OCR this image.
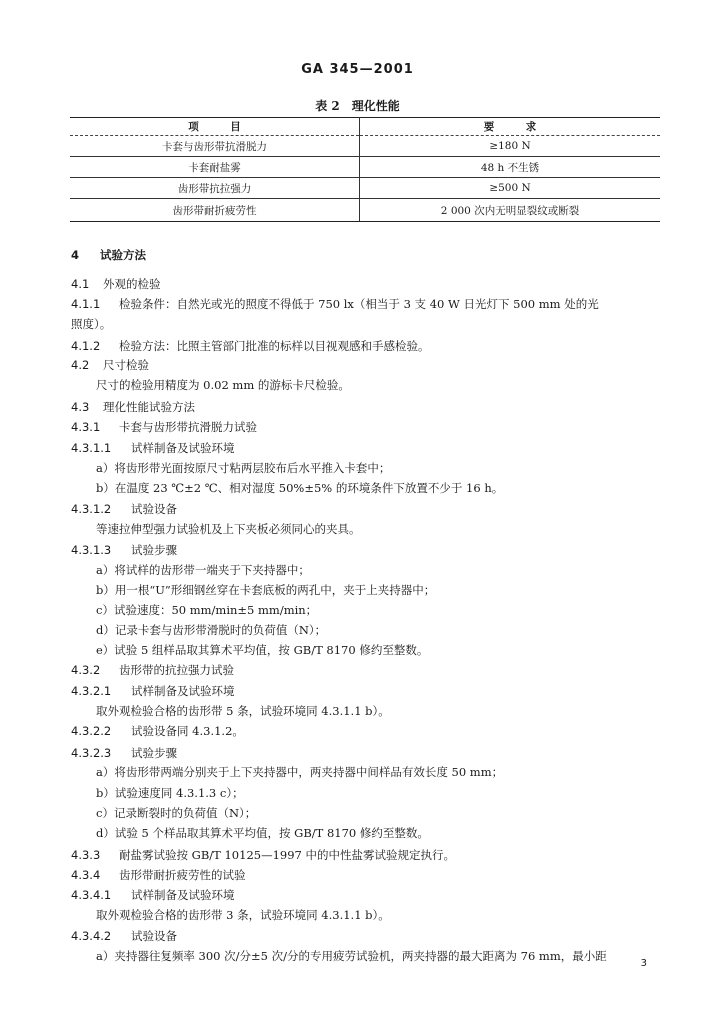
GA 345—2001
表 2　理化性能
项　　　目	要　　　求
卡套与齿形带抗滑脱力	≥180 N
卡套耐盐雾	48 h 不生锈
齿形带抗拉强力	≥500 N
齿形带耐折疲劳性	2 000 次内无明显裂纹或断裂
4 试验方法
4.1 外观的检验
4.1.1 检验条件：自然光或光的照度不得低于 750 lx（相当于 3 支 40 W 日光灯下 500 mm 处的光
照度）。
4.1.2 检验方法：比照主管部门批准的标样以目视观感和手感检验。
4.2 尺寸检验
尺寸的检验用精度为 0.02 mm 的游标卡尺检验。
4.3 理化性能试验方法
4.3.1 卡套与齿形带抗滑脱力试验
4.3.1.1 试样制备及试验环境
a）将齿形带光面按原尺寸粘两层胶布后水平推入卡套中；
b）在温度 23 ℃±2 ℃、相对湿度 50%±5% 的环境条件下放置不少于 16 h。
4.3.1.2 试验设备
等速拉伸型强力试验机及上下夹板必须同心的夹具。
4.3.1.3 试验步骤
a）将试样的齿形带一端夹于下夹持器中；
b）用一根“U”形细钢丝穿在卡套底板的两孔中，夹于上夹持器中；
c）试验速度：50 mm/min±5 mm/min；
d）记录卡套与齿形带滑脱时的负荷值（N）；
e）试验 5 组样品取其算术平均值，按 GB/T 8170 修约至整数。
4.3.2 齿形带的抗拉强力试验
4.3.2.1 试样制备及试验环境
取外观检验合格的齿形带 5 条，试验环境同 4.3.1.1 b）。
4.3.2.2 试验设备同 4.3.1.2。
4.3.2.3 试验步骤
a）将齿形带两端分别夹于上下夹持器中，两夹持器中间样品有效长度 50 mm；
b）试验速度同 4.3.1.3 c）；
c）记录断裂时的负荷值（N）；
d）试验 5 个样品取其算术平均值，按 GB/T 8170 修约至整数。
4.3.3 耐盐雾试验按 GB/T 10125—1997 中的中性盐雾试验规定执行。
4.3.4 齿形带耐折疲劳性的试验
4.3.4.1 试样制备及试验环境
取外观检验合格的齿形带 3 条，试验环境同 4.3.1.1 b）。
4.3.4.2 试验设备
a）夹持器往复频率 300 次/分±5 次/分的专用疲劳试验机，两夹持器的最大距离为 76 mm，最小距
3
